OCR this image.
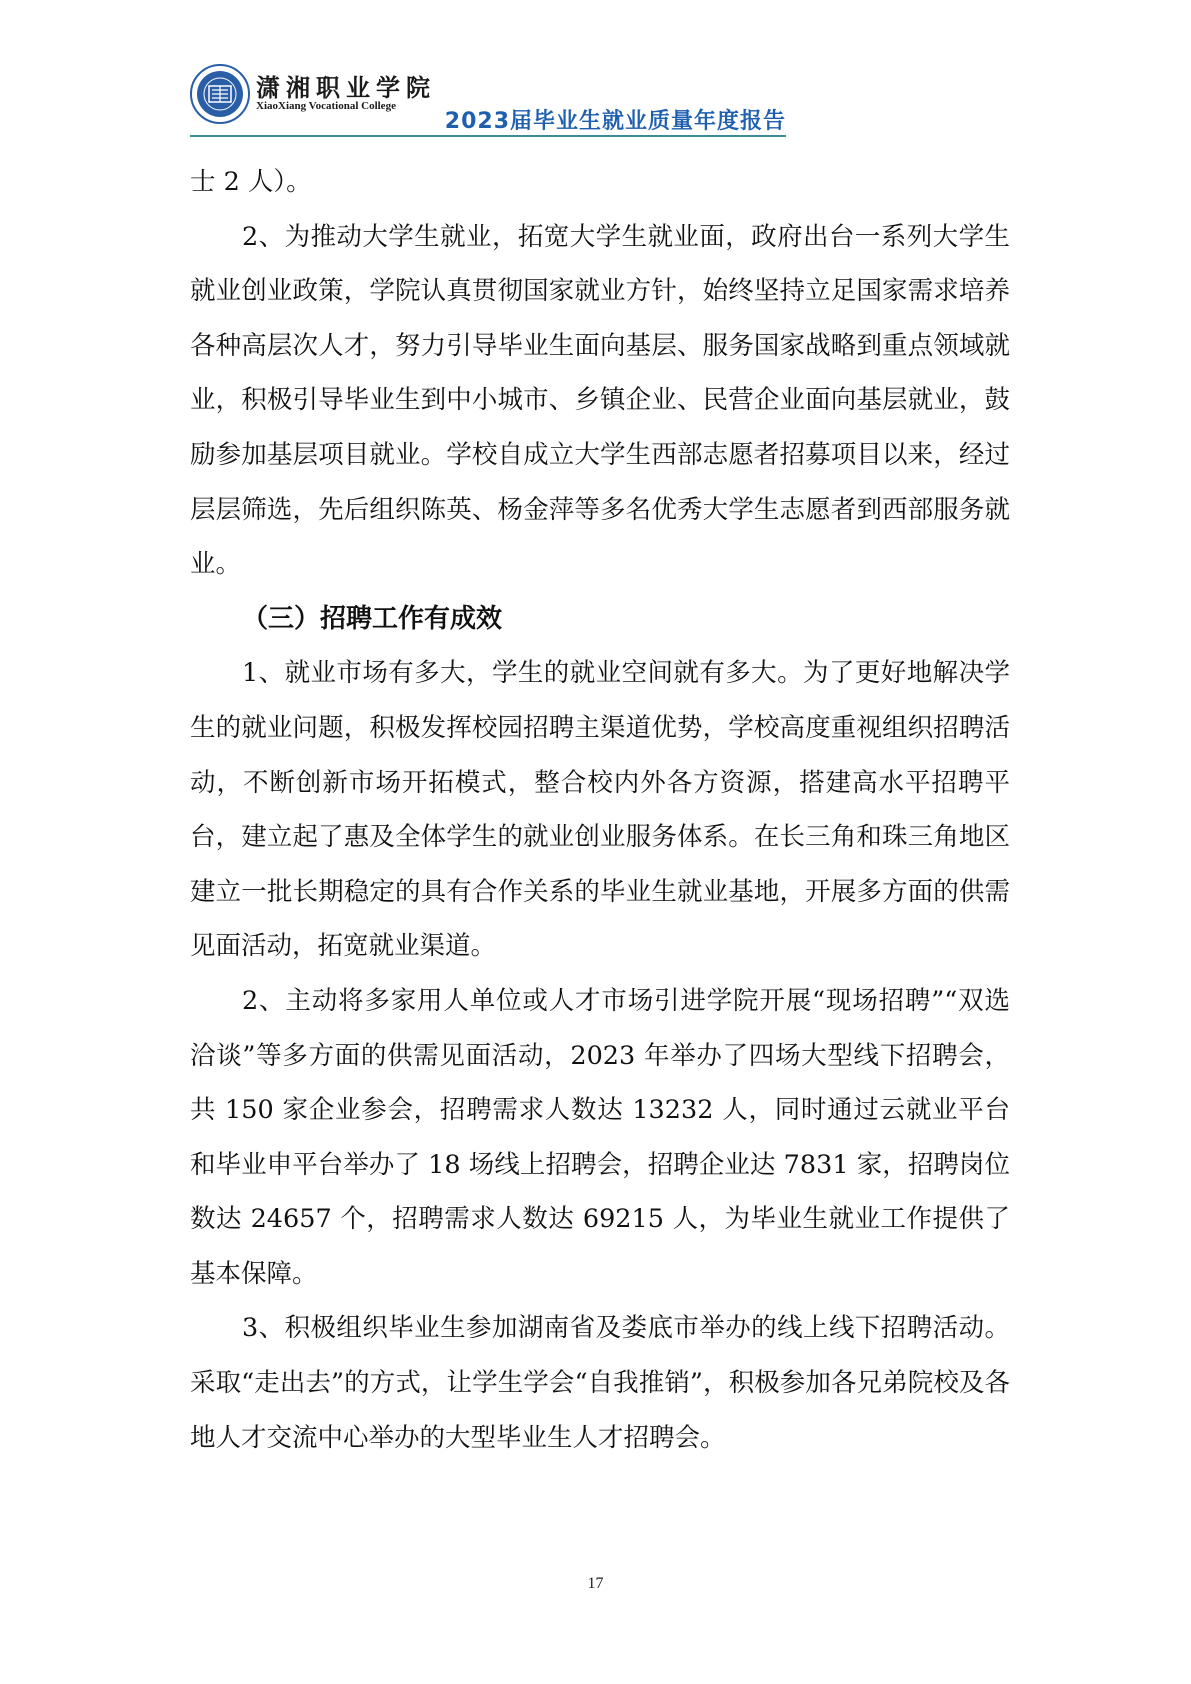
潇湘职业学院
XiaoXiang Vocational College
2023届毕业生就业质量年度报告

士 2 人）。

2、为推动大学生就业，拓宽大学生就业面，政府出台一系列大学生就业创业政策，学院认真贯彻国家就业方针，始终坚持立足国家需求培养各种高层次人才，努力引导毕业生面向基层、服务国家战略到重点领域就业，积极引导毕业生到中小城市、乡镇企业、民营企业面向基层就业，鼓励参加基层项目就业。学校自成立大学生西部志愿者招募项目以来，经过层层筛选，先后组织陈英、杨金萍等多名优秀大学生志愿者到西部服务就业。

（三）招聘工作有成效

1、就业市场有多大，学生的就业空间就有多大。为了更好地解决学生的就业问题，积极发挥校园招聘主渠道优势，学校高度重视组织招聘活动，不断创新市场开拓模式，整合校内外各方资源，搭建高水平招聘平台，建立起了惠及全体学生的就业创业服务体系。在长三角和珠三角地区建立一批长期稳定的具有合作关系的毕业生就业基地，开展多方面的供需见面活动，拓宽就业渠道。

2、主动将多家用人单位或人才市场引进学院开展“现场招聘”“双选洽谈”等多方面的供需见面活动，2023 年举办了四场大型线下招聘会，共 150 家企业参会，招聘需求人数达 13232 人，同时通过云就业平台和毕业申平台举办了 18 场线上招聘会，招聘企业达 7831 家，招聘岗位数达 24657 个，招聘需求人数达 69215 人，为毕业生就业工作提供了基本保障。

3、积极组织毕业生参加湖南省及娄底市举办的线上线下招聘活动。采取“走出去”的方式，让学生学会“自我推销”，积极参加各兄弟院校及各地人才交流中心举办的大型毕业生人才招聘会。

17
